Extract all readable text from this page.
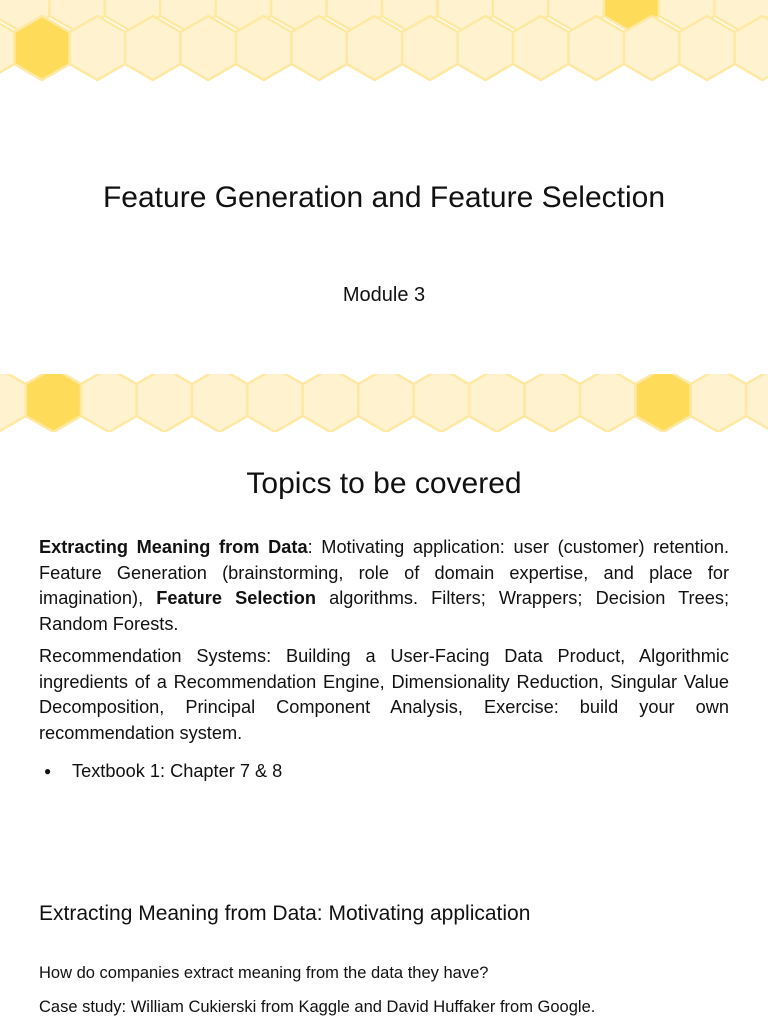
Feature Generation and Feature Selection
Module 3
Topics to be covered
Extracting Meaning from Data: Motivating application: user (customer) retention. Feature Generation (brainstorming, role of domain expertise, and place for imagination), Feature Selection algorithms. Filters; Wrappers; Decision Trees; Random Forests.
Recommendation Systems: Building a User-Facing Data Product, Algorithmic ingredients of a Recommendation Engine, Dimensionality Reduction, Singular Value Decomposition, Principal Component Analysis, Exercise: build your own recommendation system.
● Textbook 1: Chapter 7 & 8
Extracting Meaning from Data: Motivating application
How do companies extract meaning from the data they have?
Case study: William Cukierski from Kaggle and David Huffaker from Google.
